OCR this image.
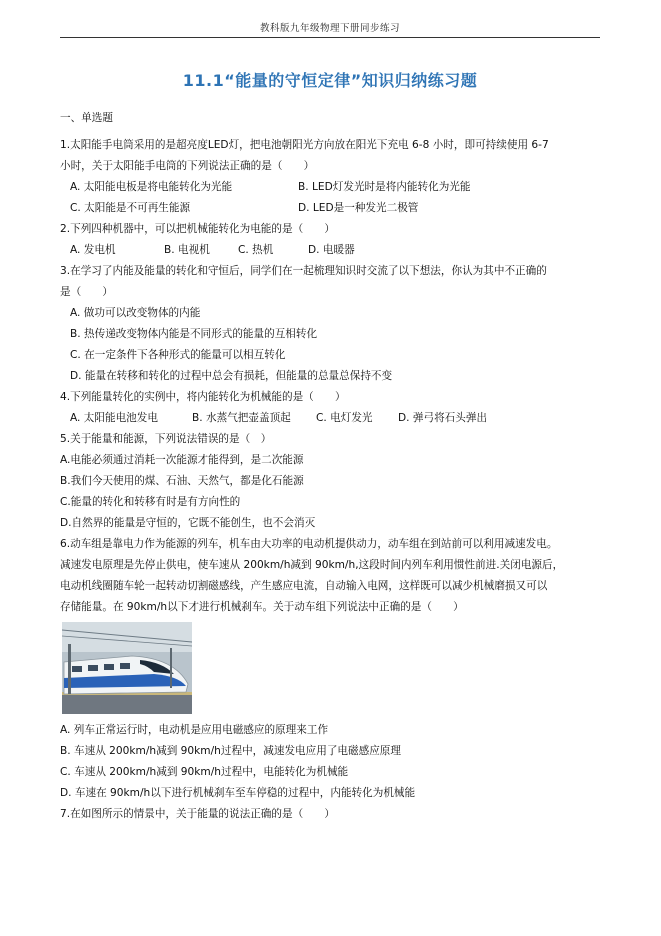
教科版九年级物理下册同步练习
11.1“能量的守恒定律”知识归纳练习题
一、单选题
1.太阳能手电筒采用的是超亮度LED灯，把电池朝阳光方向放在阳光下充电 6-8 小时，即可持续使用 6-7
小时，关于太阳能手电筒的下列说法正确的是（　　）
A. 太阳能电板是将电能转化为光能	B. LED灯发光时是将内能转化为光能
C. 太阳能是不可再生能源	D. LED是一种发光二极管
2.下列四种机器中，可以把机械能转化为电能的是（　　）
A. 发电机	B. 电视机	C. 热机	D. 电暖器
3.在学习了内能及能量的转化和守恒后，同学们在一起梳理知识时交流了以下想法，你认为其中不正确的
是（　　）
A. 做功可以改变物体的内能
B. 热传递改变物体内能是不同形式的能量的互相转化
C. 在一定条件下各种形式的能量可以相互转化
D. 能量在转移和转化的过程中总会有损耗，但能量的总量总保持不变
4.下列能量转化的实例中，将内能转化为机械能的是（　　）
A. 太阳能电池发电	B. 水蒸气把壶盖顶起	C. 电灯发光	D. 弹弓将石头弹出
5.关于能量和能源，下列说法错误的是（　）
A.电能必须通过消耗一次能源才能得到，是二次能源
B.我们今天使用的煤、石油、天然气，都是化石能源
C.能量的转化和转移有时是有方向性的
D.自然界的能量是守恒的，它既不能创生，也不会消灭
6.动车组是靠电力作为能源的列车，机车由大功率的电动机提供动力，动车组在到站前可以利用减速发电。
减速发电原理是先停止供电，使车速从 200km/h减到 90km/h,这段时间内列车利用惯性前进.关闭电源后，
电动机线圈随车轮一起转动切割磁感线，产生感应电流，自动输入电网，这样既可以减少机械磨损又可以
存储能量。在 90km/h以下才进行机械刹车。关于动车组下列说法中正确的是（　　）
A. 列车正常运行时，电动机是应用电磁感应的原理来工作
B. 车速从 200km/h减到 90km/h过程中，减速发电应用了电磁感应原理
C. 车速从 200km/h减到 90km/h过程中，电能转化为机械能
D. 车速在 90km/h以下进行机械刹车至车停稳的过程中，内能转化为机械能
7.在如图所示的情景中，关于能量的说法正确的是（　　）
